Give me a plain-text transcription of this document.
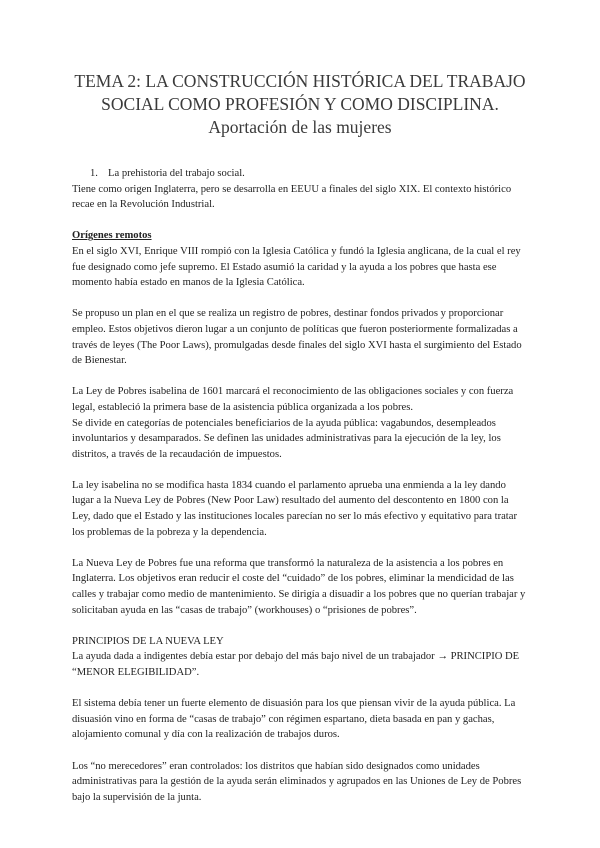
TEMA 2: LA CONSTRUCCIÓN HISTÓRICA DEL TRABAJO SOCIAL COMO PROFESIÓN Y COMO DISCIPLINA. Aportación de las mujeres
1. La prehistoria del trabajo social.

Tiene como origen Inglaterra, pero se desarrolla en EEUU a finales del siglo XIX. El contexto histórico recae en la Revolución Industrial.

Orígenes remotos

En el siglo XVI, Enrique VIII rompió con la Iglesia Católica y fundó la Iglesia anglicana, de la cual el rey fue designado como jefe supremo. El Estado asumió la caridad y la ayuda a los pobres que hasta ese momento había estado en manos de la Iglesia Católica.

Se propuso un plan en el que se realiza un registro de pobres, destinar fondos privados y proporcionar empleo. Estos objetivos dieron lugar a un conjunto de políticas que fueron posteriormente formalizadas a través de leyes (The Poor Laws), promulgadas desde finales del siglo XVI hasta el surgimiento del Estado de Bienestar.

La Ley de Pobres isabelina de 1601 marcará el reconocimiento de las obligaciones sociales y con fuerza legal, estableció la primera base de la asistencia pública organizada a los pobres.

Se divide en categorías de potenciales beneficiarios de la ayuda pública: vagabundos, desempleados involuntarios y desamparados. Se definen las unidades administrativas para la ejecución de la ley, los distritos, a través de la recaudación de impuestos.

La ley isabelina no se modifica hasta 1834 cuando el parlamento aprueba una enmienda a la ley dando lugar a la Nueva Ley de Pobres (New Poor Law) resultado del aumento del descontento en 1800 con la Ley, dado que el Estado y las instituciones locales parecían no ser lo más efectivo y equitativo para tratar los problemas de la pobreza y la dependencia.

La Nueva Ley de Pobres fue una reforma que transformó la naturaleza de la asistencia a los pobres en Inglaterra. Los objetivos eran reducir el coste del “cuidado” de los pobres, eliminar la mendicidad de las calles y trabajar como medio de mantenimiento. Se dirigía a disuadir a los pobres que no querían trabajar y solicitaban ayuda en las “casas de trabajo” (workhouses) o “prisiones de pobres”.

PRINCIPIOS DE LA NUEVA LEY

La ayuda dada a indigentes debía estar por debajo del más bajo nivel de un trabajador → PRINCIPIO DE “MENOR ELEGIBILIDAD”.

El sistema debía tener un fuerte elemento de disuasión para los que piensan vivir de la ayuda pública. La disuasión vino en forma de “casas de trabajo” con régimen espartano, dieta basada en pan y gachas, alojamiento comunal y día con la realización de trabajos duros.

Los “no merecedores” eran controlados: los distritos que habían sido designados como unidades administrativas para la gestión de la ayuda serán eliminados y agrupados en las Uniones de Ley de Pobres bajo la supervisión de la junta.
